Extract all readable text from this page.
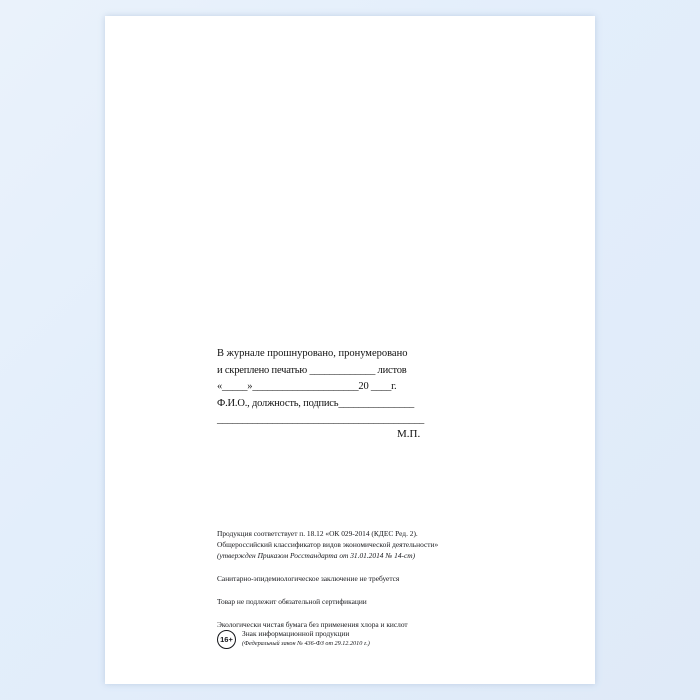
В журнале прошнуровано, пронумеровано
и скреплено печатью _____________ листов
«_____»_____________________20 ____г.
Ф.И.О., должность, подпись_______________
_________________________________________
М.П.

Продукция соответствует п. 18.12 «ОК 029-2014 (КДЕС Ред. 2).

Общероссийский классификатор видов экономической деятельности»

(утвержден Приказом Росстандарта от 31.01.2014 № 14-ст)

Санитарно-эпидемиологическое заключение не требуется

Товар не подлежит обязательной сертификации

Экологически чистая бумага без применения хлора и кислот

16+
Знак информационной продукции
(Федеральный закон № 436-ФЗ от 29.12.2010 г.)
